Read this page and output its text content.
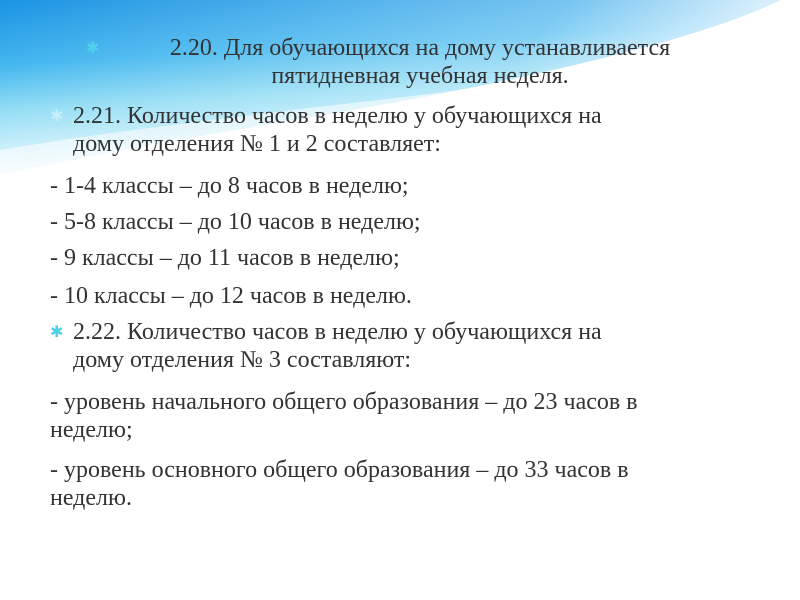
✱	2.20. Для обучающихся на дому устанавливается
пятидневная учебная неделя.
✱ 2.21. Количество часов в неделю у обучающихся на
дому отделения № 1 и 2 составляет:
- 1-4 классы – до 8 часов в неделю;
- 5-8 классы – до 10 часов в неделю;
- 9 классы – до 11 часов в неделю;
- 10 классы – до 12 часов в неделю.
✱ 2.22. Количество часов в неделю у обучающихся на
дому отделения № 3 составляют:
- уровень начального общего образования – до 23 часов в
неделю;
- уровень основного общего образования – до 33 часов в
неделю.
